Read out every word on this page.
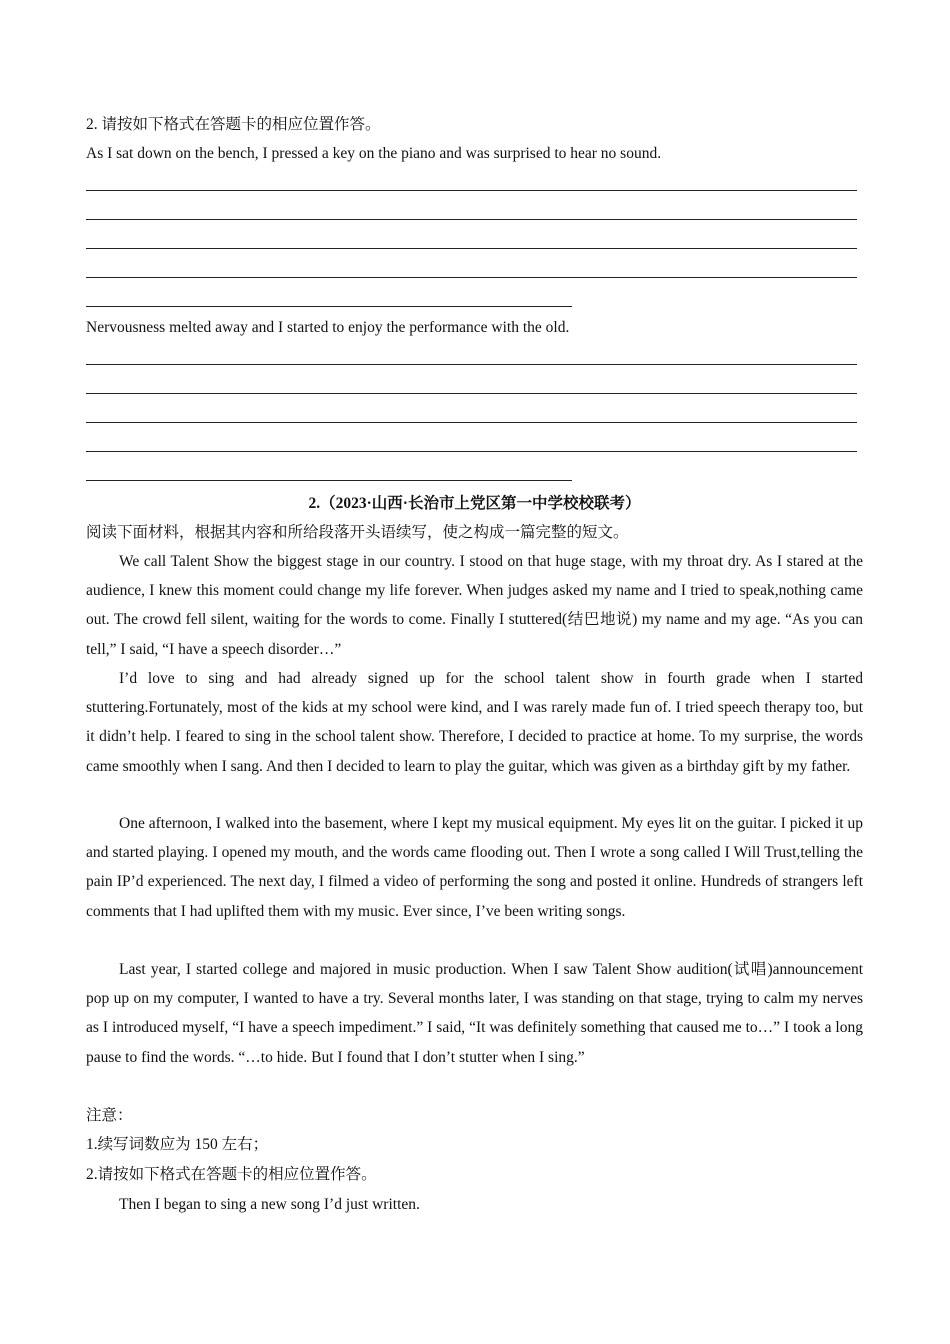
2. 请按如下格式在答题卡的相应位置作答。
As I sat down on the bench, I pressed a key on the piano and was surprised to hear no sound.
Nervousness melted away and I started to enjoy the performance with the old.
2.（2023·山西·长治市上党区第一中学校校联考）
阅读下面材料，根据其内容和所给段落开头语续写，使之构成一篇完整的短文。
We call Talent Show the biggest stage in our country. I stood on that huge stage, with my throat dry. As I stared at the audience, I knew this moment could change my life forever. When judges asked my name and I tried to speak,nothing came out. The crowd fell silent, waiting for the words to come. Finally I stuttered(结巴地说) my name and my age. “As you can tell,” I said, “I have a speech disorder…”
I’d love to sing and had already signed up for the school talent show in fourth grade when I started stuttering.Fortunately, most of the kids at my school were kind, and I was rarely made fun of. I tried speech therapy too, but it didn’t help. I feared to sing in the school talent show. Therefore, I decided to practice at home. To my surprise, the words came smoothly when I sang. And then I decided to learn to play the guitar, which was given as a birthday gift by my father.
One afternoon, I walked into the basement, where I kept my musical equipment. My eyes lit on the guitar. I picked it up and started playing. I opened my mouth, and the words came flooding out. Then I wrote a song called I Will Trust,telling the pain IP’d experienced. The next day, I filmed a video of performing the song and posted it online. Hundreds of strangers left comments that I had uplifted them with my music. Ever since, I’ve been writing songs.
Last year, I started college and majored in music production. When I saw Talent Show audition(试唱)announcement pop up on my computer, I wanted to have a try. Several months later, I was standing on that stage, trying to calm my nerves as I introduced myself, “I have a speech impediment.” I said, “It was definitely something that caused me to…” I took a long pause to find the words. “…to hide. But I found that I don’t stutter when I sing.”
注意：
1.续写词数应为 150 左右；
2.请按如下格式在答题卡的相应位置作答。
Then I began to sing a new song I’d just written.
